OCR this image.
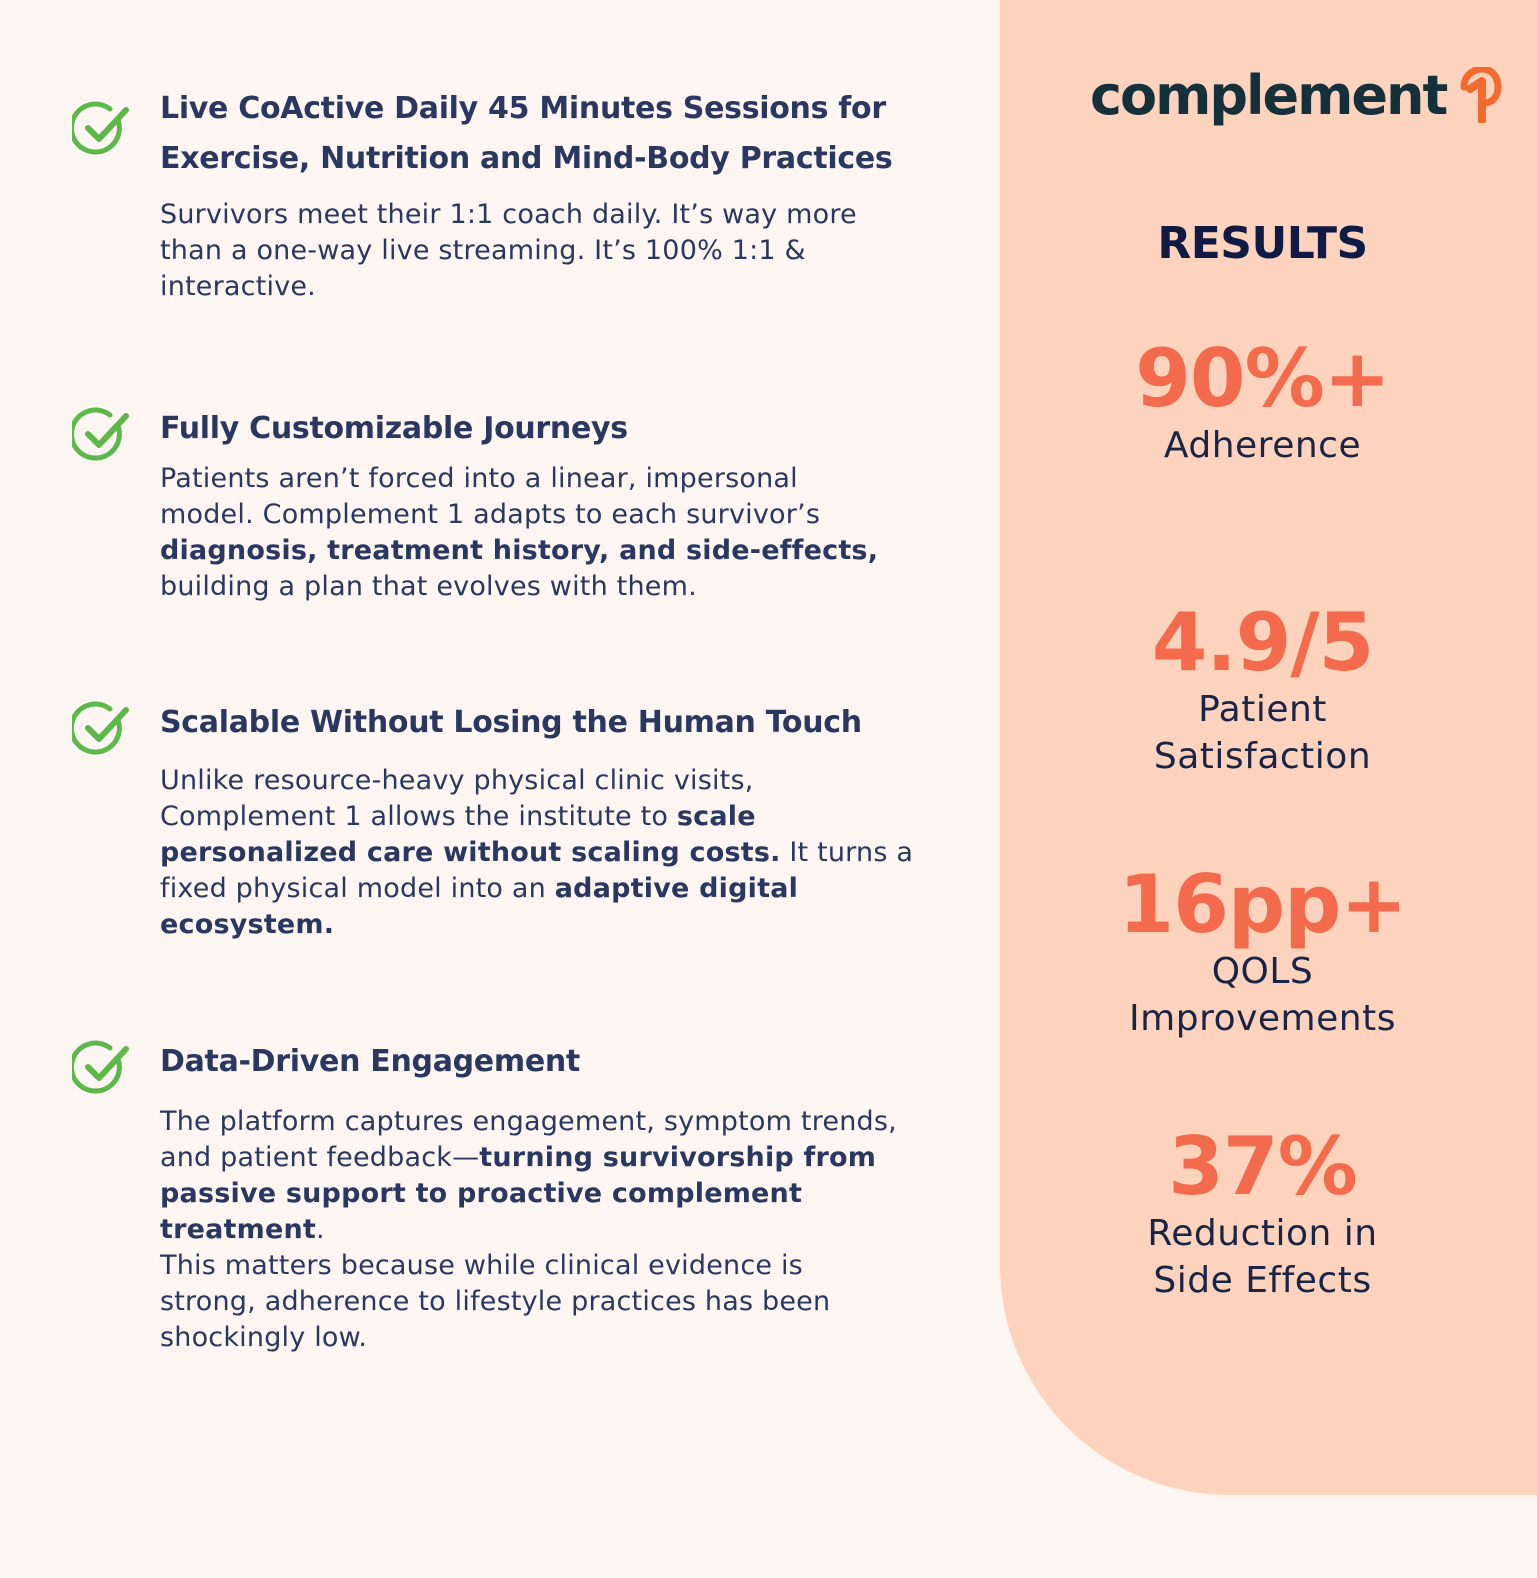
Live CoActive Daily 45 Minutes Sessions for
Exercise, Nutrition and Mind-Body Practices

Survivors meet their 1:1 coach daily. It’s way more than a one-way live streaming. It’s 100% 1:1 & interactive.

Fully Customizable Journeys

Patients aren’t forced into a linear, impersonal model. Complement 1 adapts to each survivor’s diagnosis, treatment history, and side-effects, building a plan that evolves with them.

Scalable Without Losing the Human Touch

Unlike resource-heavy physical clinic visits, Complement 1 allows the institute to scale personalized care without scaling costs. It turns a fixed physical model into an adaptive digital ecosystem.

Data-Driven Engagement

The platform captures engagement, symptom trends, and patient feedback—turning survivorship from passive support to proactive complement treatment.
This matters because while clinical evidence is strong, adherence to lifestyle practices has been shockingly low.

complement
RESULTS
90%+
Adherence
4.9/5
Patient
Satisfaction
16pp+
QOLS
Improvements
37%
Reduction in
Side Effects
